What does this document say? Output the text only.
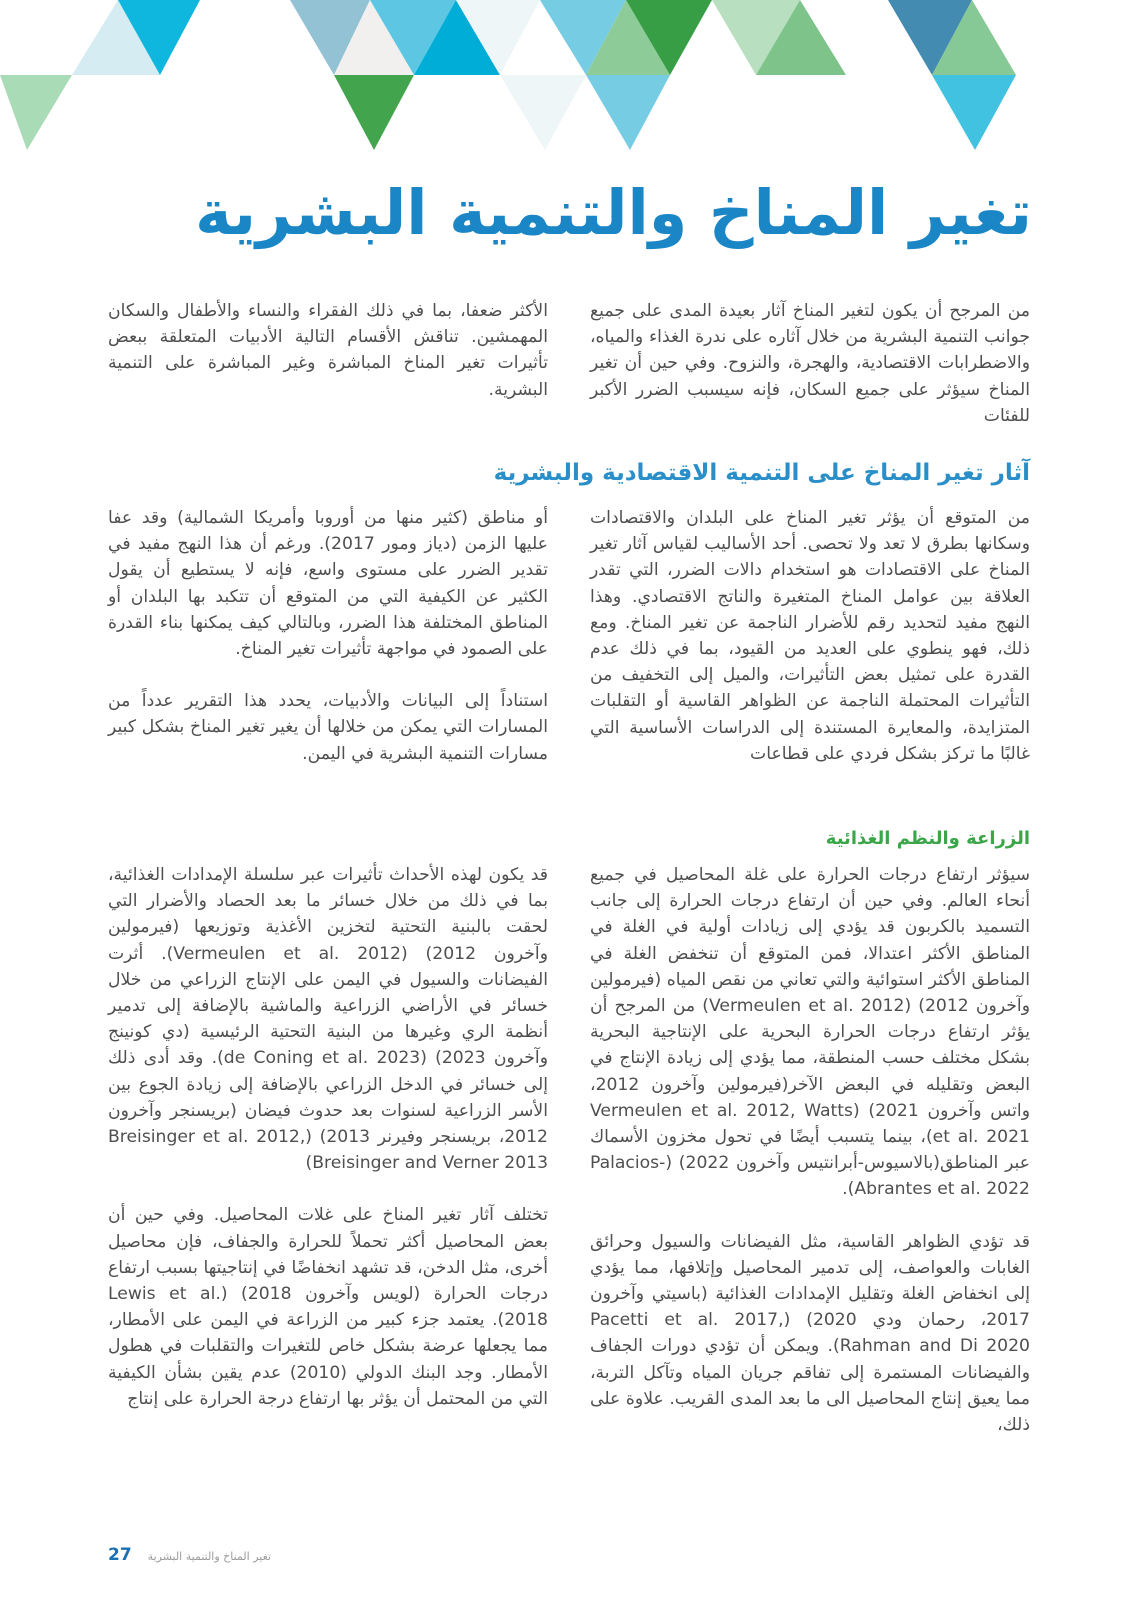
تغير المناخ والتنمية البشرية

من المرجح أن يكون لتغير المناخ آثار بعيدة المدى على جميع جوانب التنمية البشرية من خلال آثاره على ندرة الغذاء والمياه، والاضطرابات الاقتصادية، والهجرة، والنزوح. وفي حين أن تغير المناخ سيؤثر على جميع السكان، فإنه سيسبب الضرر الأكبر للفئات

الأكثر ضعفا، بما في ذلك الفقراء والنساء والأطفال والسكان المهمشين. تناقش الأقسام التالية الأدبيات المتعلقة ببعض تأثيرات تغير المناخ المباشرة وغير المباشرة على التنمية البشرية.

آثار تغير المناخ على التنمية الاقتصادية والبشرية

من المتوقع أن يؤثر تغير المناخ على البلدان والاقتصادات وسكانها بطرق لا تعد ولا تحصى. أحد الأساليب لقياس آثار تغير المناخ على الاقتصادات هو استخدام دالات الضرر، التي تقدر العلاقة بين عوامل المناخ المتغيرة والناتج الاقتصادي. وهذا النهج مفيد لتحديد رقم للأضرار الناجمة عن تغير المناخ. ومع ذلك، فهو ينطوي على العديد من القيود، بما في ذلك عدم القدرة على تمثيل بعض التأثيرات، والميل إلى التخفيف من التأثيرات المحتملة الناجمة عن الظواهر القاسية أو التقلبات المتزايدة، والمعايرة المستندة إلى الدراسات الأساسية التي غالبًا ما تركز بشكل فردي على قطاعات

أو مناطق (كثير منها من أوروبا وأمريكا الشمالية) وقد عفا عليها الزمن (دياز ومور 2017). ورغم أن هذا النهج مفيد في تقدير الضرر على مستوى واسع، فإنه لا يستطيع أن يقول الكثير عن الكيفية التي من المتوقع أن تتكبد بها البلدان أو المناطق المختلفة هذا الضرر، وبالتالي كيف يمكنها بناء القدرة على الصمود في مواجهة تأثيرات تغير المناخ.

استناداً إلى البيانات والأدبيات، يحدد هذا التقرير عدداً من المسارات التي يمكن من خلالها أن يغير تغير المناخ بشكل كبير مسارات التنمية البشرية في اليمن.

الزراعة والنظم الغذائية

سيؤثر ارتفاع درجات الحرارة على غلة المحاصيل في جميع أنحاء العالم. وفي حين أن ارتفاع درجات الحرارة إلى جانب التسميد بالكربون قد يؤدي إلى زيادات أولية في الغلة في المناطق الأكثر اعتدالا، فمن المتوقع أن تنخفض الغلة في المناطق الأكثر استوائية والتي تعاني من نقص المياه (فيرمولين وآخرون 2012) (Vermeulen et al. 2012) من المرجح أن يؤثر ارتفاع درجات الحرارة البحرية على الإنتاجية البحرية بشكل مختلف حسب المنطقة، مما يؤدي إلى زيادة الإنتاج في البعض وتقليله في البعض الآخر(فيرمولين وآخرون 2012، واتس وآخرون 2021) (Vermeulen et al. 2012, Watts et al. 2021)، بينما يتسبب أيضًا في تحول مخزون الأسماك عبر المناطق(بالاسيوس-أبرانتيس وآخرون 2022) (Palacios-Abrantes et al. 2022).

قد تؤدي الظواهر القاسية، مثل الفيضانات والسيول وحرائق الغابات والعواصف، إلى تدمير المحاصيل وإتلافها، مما يؤدي إلى انخفاض الغلة وتقليل الإمدادات الغذائية (باسيتي وآخرون 2017، رحمان ودي 2020) (Pacetti et al. 2017, Rahman and Di 2020). ويمكن أن تؤدي دورات الجفاف والفيضانات المستمرة إلى تفاقم جريان المياه وتآكل التربة، مما يعيق إنتاج المحاصيل الى ما بعد المدى القريب. علاوة على ذلك،

قد يكون لهذه الأحداث تأثيرات عبر سلسلة الإمدادات الغذائية، بما في ذلك من خلال خسائر ما بعد الحصاد والأضرار التي لحقت بالبنية التحتية لتخزين الأغذية وتوزيعها (فيرمولين وآخرون 2012) (Vermeulen et al. 2012). أثرت الفيضانات والسيول في اليمن على الإنتاج الزراعي من خلال خسائر في الأراضي الزراعية والماشية بالإضافة إلى تدمير أنظمة الري وغيرها من البنية التحتية الرئيسية (دي كونينج وآخرون 2023) (de Coning et al. 2023). وقد أدى ذلك إلى خسائر في الدخل الزراعي بالإضافة إلى زيادة الجوع بين الأسر الزراعية لسنوات بعد حدوث فيضان (بريسنجر وآخرون 2012، بريسنجر وفيرنر 2013) (Breisinger et al. 2012, Breisinger and Verner 2013)

تختلف آثار تغير المناخ على غلات المحاصيل. وفي حين أن بعض المحاصيل أكثر تحملاً للحرارة والجفاف، فإن محاصيل أخرى، مثل الدخن، قد تشهد انخفاضًا في إنتاجيتها بسبب ارتفاع درجات الحرارة (لويس وآخرون 2018) (Lewis et al. 2018). يعتمد جزء كبير من الزراعة في اليمن على الأمطار، مما يجعلها عرضة بشكل خاص للتغيرات والتقلبات في هطول الأمطار. وجد البنك الدولي (2010) عدم يقين بشأن الكيفية التي من المحتمل أن يؤثر بها ارتفاع درجة الحرارة على إنتاج

27 تغير المناخ والتنمية البشرية
